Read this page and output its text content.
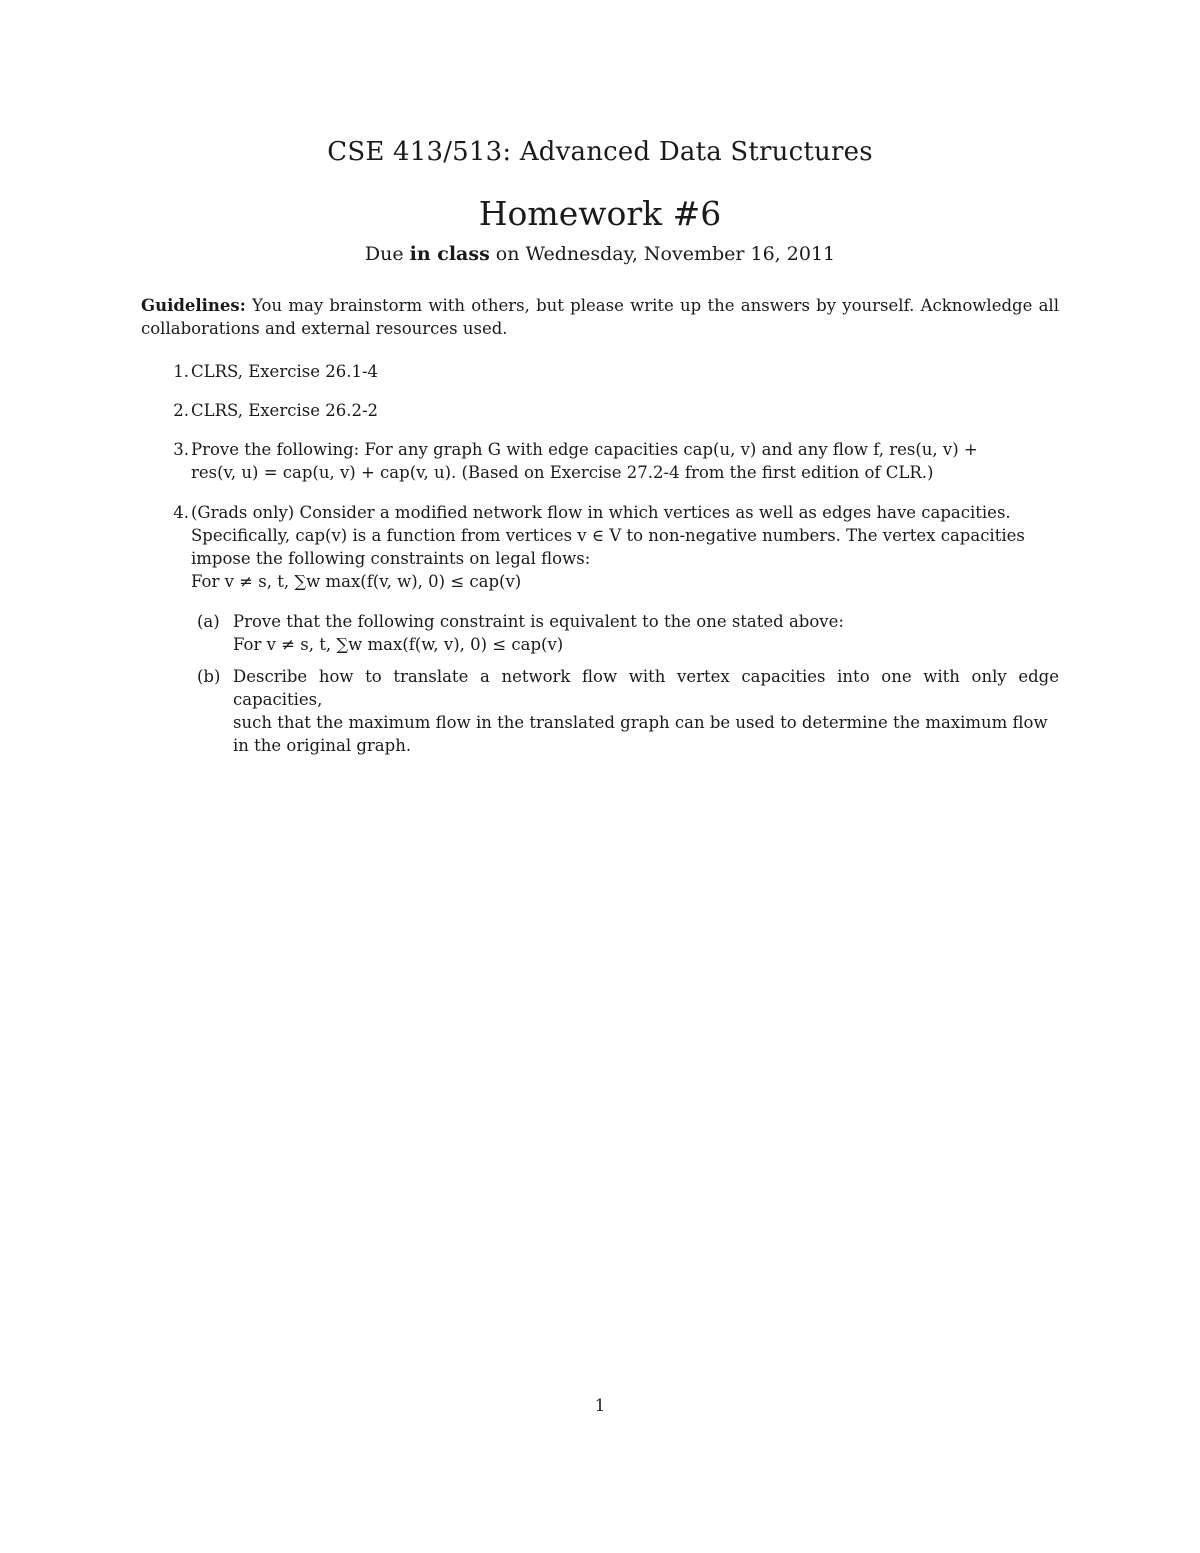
CSE 413/513: Advanced Data Structures
Homework #6
Due in class on Wednesday, November 16, 2011
Guidelines: You may brainstorm with others, but please write up the answers by yourself. Acknowledge all collaborations and external resources used.
1. CLRS, Exercise 26.1-4
2. CLRS, Exercise 26.2-2
3. Prove the following: For any graph G with edge capacities cap(u, v) and any flow f, res(u, v) +
res(v, u) = cap(u, v) + cap(v, u). (Based on Exercise 27.2-4 from the first edition of CLR.)
4. (Grads only) Consider a modified network flow in which vertices as well as edges have capacities.
Specifically, cap(v) is a function from vertices v ∈ V to non-negative numbers. The vertex capacities
impose the following constraints on legal flows:
For v ≠ s, t, ∑w max(f(v, w), 0) ≤ cap(v)
(a) Prove that the following constraint is equivalent to the one stated above:
For v ≠ s, t, ∑w max(f(w, v), 0) ≤ cap(v)
(b) Describe how to translate a network flow with vertex capacities into one with only edge capacities,
such that the maximum flow in the translated graph can be used to determine the maximum flow
in the original graph.
1
